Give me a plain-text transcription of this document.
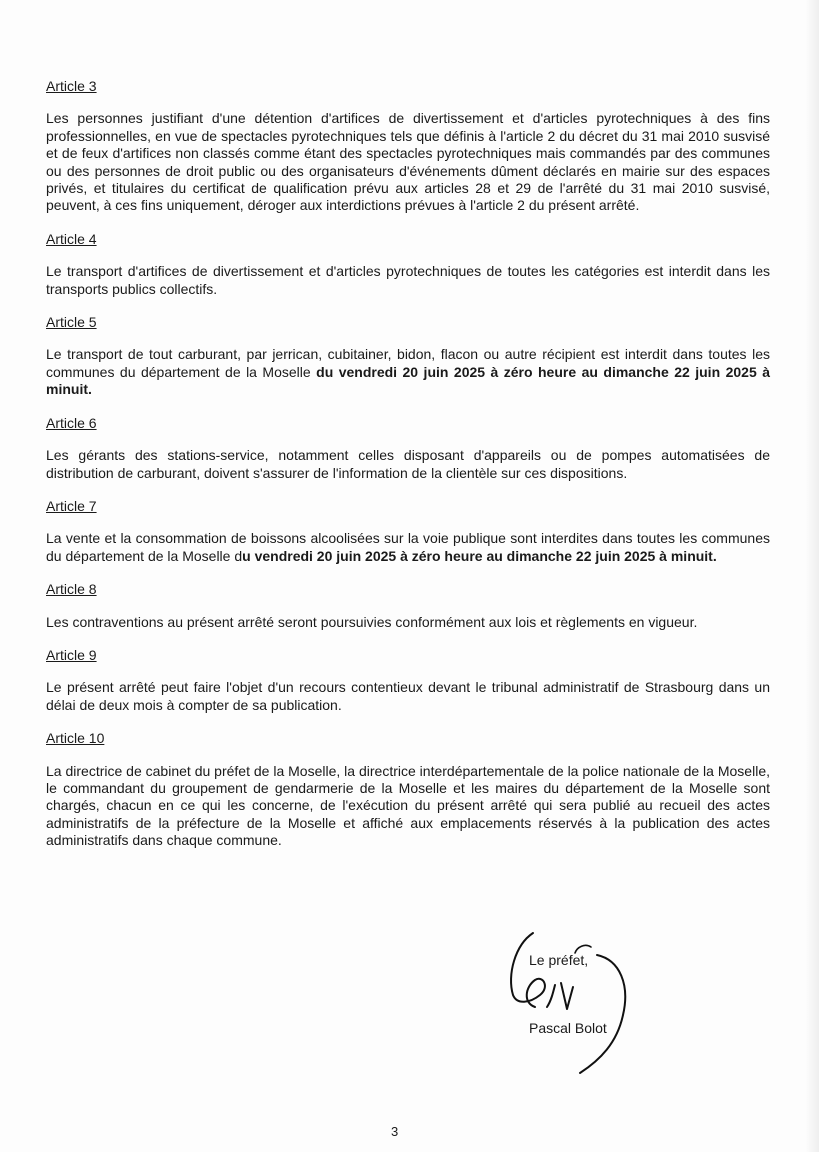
Article 3

Les personnes justifiant d'une détention d'artifices de divertissement et d'articles pyrotechniques à des fins professionnelles, en vue de spectacles pyrotechniques tels que définis à l'article 2 du décret du 31 mai 2010 susvisé et de feux d'artifices non classés comme étant des spectacles pyrotechniques mais commandés par des communes ou des personnes de droit public ou des organisateurs d'événements dûment déclarés en mairie sur des espaces privés, et titulaires du certificat de qualification prévu aux articles 28 et 29 de l'arrêté du 31 mai 2010 susvisé, peuvent, à ces fins uniquement, déroger aux interdictions prévues à l'article 2 du présent arrêté.

Article 4

Le transport d'artifices de divertissement et d'articles pyrotechniques de toutes les catégories est interdit dans les transports publics collectifs.

Article 5

Le transport de tout carburant, par jerrican, cubitainer, bidon, flacon ou autre récipient est interdit dans toutes les communes du département de la Moselle du vendredi 20 juin 2025 à zéro heure au dimanche 22 juin 2025 à minuit.

Article 6

Les gérants des stations-service, notamment celles disposant d'appareils ou de pompes automatisées de distribution de carburant, doivent s'assurer de l'information de la clientèle sur ces dispositions.

Article 7

La vente et la consommation de boissons alcoolisées sur la voie publique sont interdites dans toutes les communes du département de la Moselle du vendredi 20 juin 2025 à zéro heure au dimanche 22 juin 2025 à minuit.

Article 8

Les contraventions au présent arrêté seront poursuivies conformément aux lois et règlements en vigueur.

Article 9

Le présent arrêté peut faire l'objet d'un recours contentieux devant le tribunal administratif de Strasbourg dans un délai de deux mois à compter de sa publication.

Article 10

La directrice de cabinet du préfet de la Moselle, la directrice interdépartementale de la police nationale de la Moselle, le commandant du groupement de gendarmerie de la Moselle et les maires du département de la Moselle sont chargés, chacun en ce qui les concerne, de l'exécution du présent arrêté qui sera publié au recueil des actes administratifs de la préfecture de la Moselle et affiché aux emplacements réservés à la publication des actes administratifs dans chaque commune.

Le préfet,
Pascal Bolot
3
